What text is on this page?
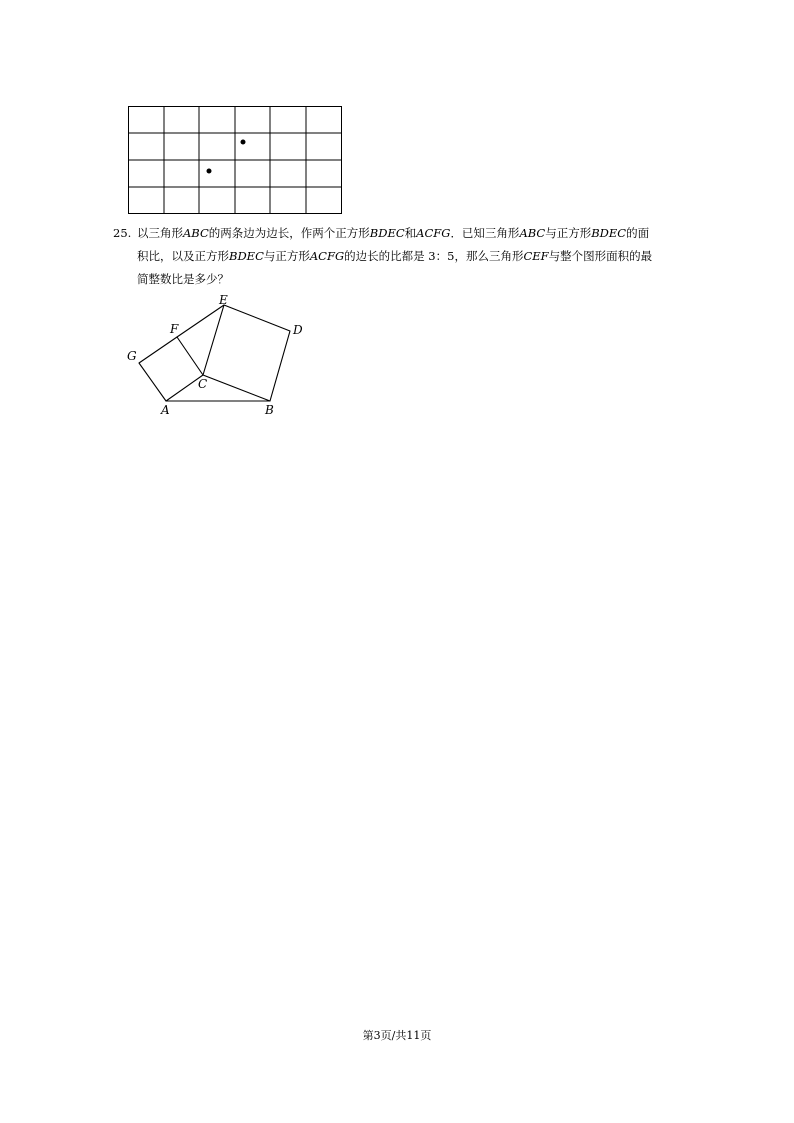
25. 以三角形ABC的两条边为边长，作两个正方形BDEC和ACFG．已知三角形ABC与正方形BDEC的面
积比，以及正方形BDEC与正方形ACFG的边长的比都是 3：5，那么三角形CEF与整个图形面积的最
简整数比是多少？
E
D
F
G
C
A	B
第3页/共11页
